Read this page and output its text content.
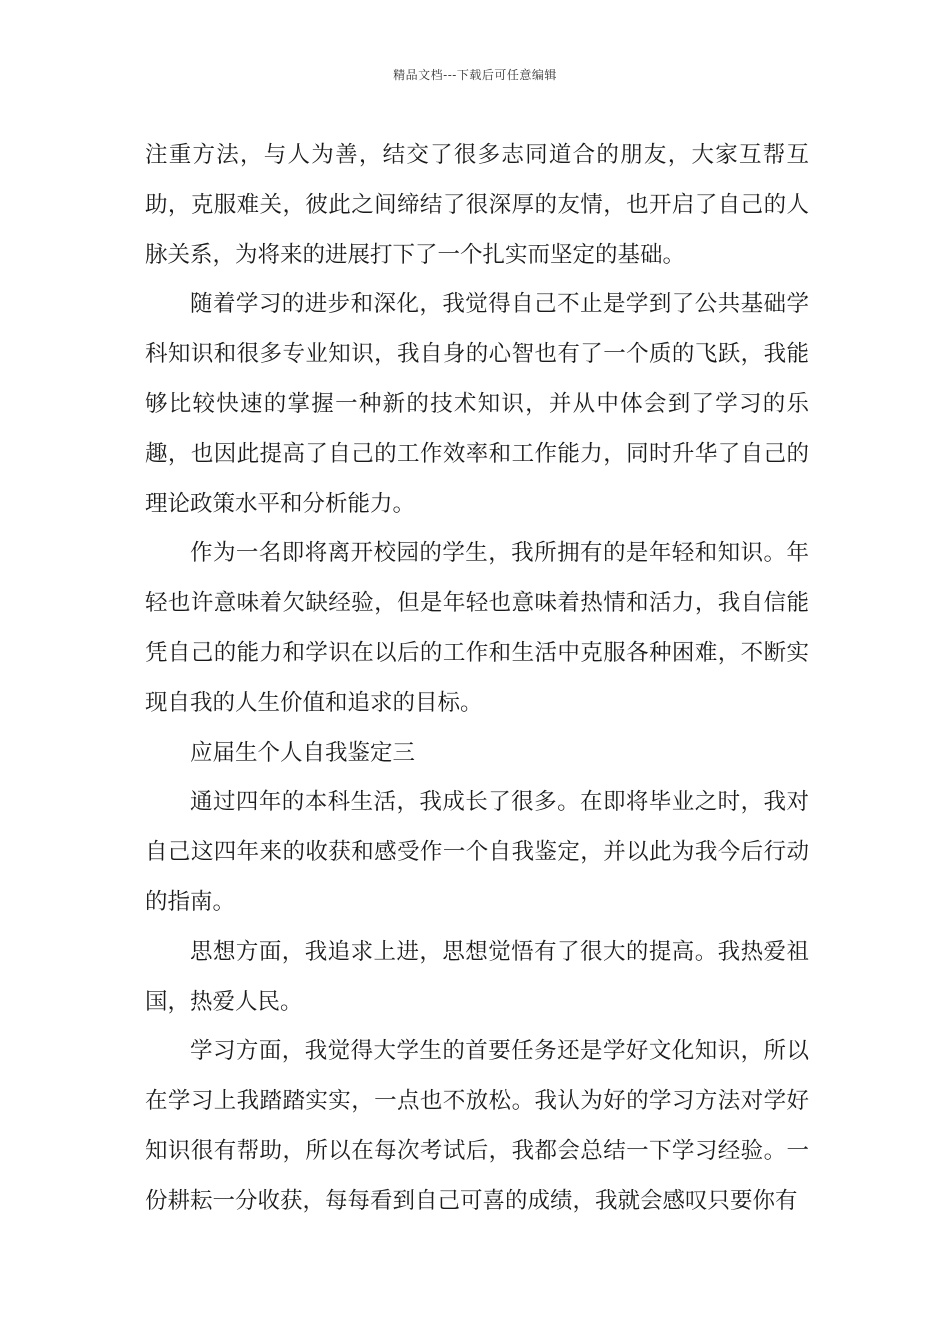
精品文档---下载后可任意编辑

注重方法，与人为善，结交了很多志同道合的朋友，大家互帮互助，克服难关，彼此之间缔结了很深厚的友情，也开启了自己的人脉关系，为将来的进展打下了一个扎实而坚定的基础。

随着学习的进步和深化，我觉得自己不止是学到了公共基础学科知识和很多专业知识，我自身的心智也有了一个质的飞跃，我能够比较快速的掌握一种新的技术知识，并从中体会到了学习的乐趣，也因此提高了自己的工作效率和工作能力，同时升华了自己的理论政策水平和分析能力。

作为一名即将离开校园的学生，我所拥有的是年轻和知识。年轻也许意味着欠缺经验，但是年轻也意味着热情和活力，我自信能凭自己的能力和学识在以后的工作和生活中克服各种困难，不断实现自我的人生价值和追求的目标。

应届生个人自我鉴定三

通过四年的本科生活，我成长了很多。在即将毕业之时，我对自己这四年来的收获和感受作一个自我鉴定，并以此为我今后行动的指南。

思想方面，我追求上进，思想觉悟有了很大的提高。我热爱祖国，热爱人民。

学习方面，我觉得大学生的首要任务还是学好文化知识，所以在学习上我踏踏实实，一点也不放松。我认为好的学习方法对学好知识很有帮助，所以在每次考试后，我都会总结一下学习经验。一份耕耘一分收获，每每看到自己可喜的成绩，我就会感叹只要你有
